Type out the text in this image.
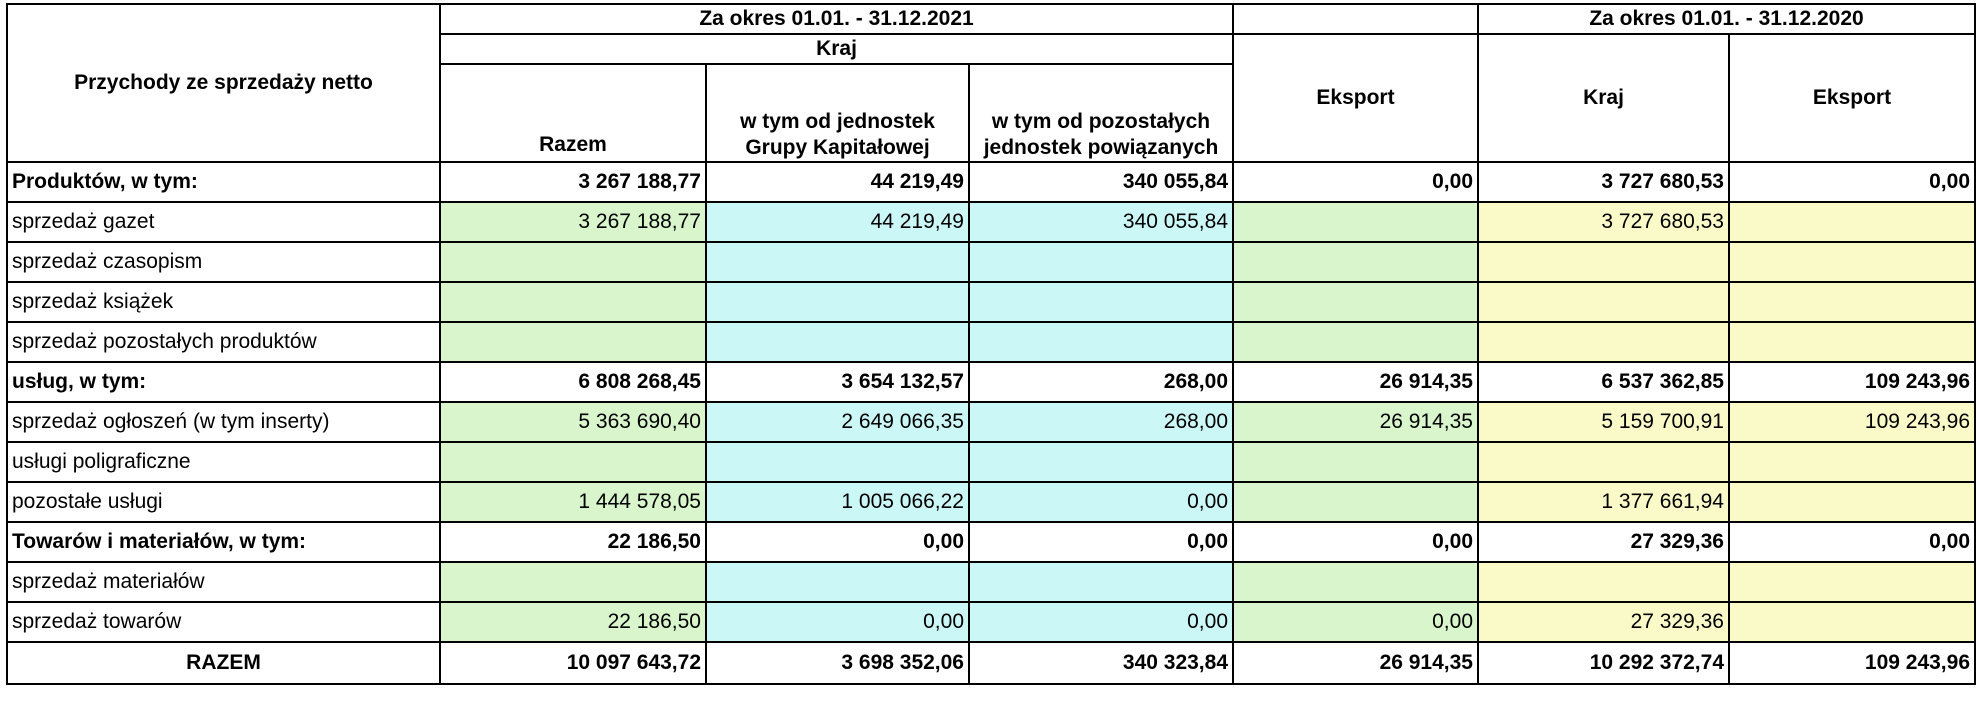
Przychody ze sprzedaży netto	Za okres 01.01. - 31.12.2021				Za okres 01.01. - 31.12.2020	
	Kraj			Eksport	Kraj	Eksport
	Razem	w tym od jednostek Grupy Kapitałowej	w tym od pozostałych jednostek powiązanych			
Produktów, w tym:	3 267 188,77	44 219,49	340 055,84	0,00	3 727 680,53	0,00
sprzedaż gazet	3 267 188,77	44 219,49	340 055,84		3 727 680,53	
sprzedaż czasopism						
sprzedaż książek						
sprzedaż pozostałych produktów						
usług, w tym:	6 808 268,45	3 654 132,57	268,00	26 914,35	6 537 362,85	109 243,96
sprzedaż ogłoszeń (w tym inserty)	5 363 690,40	2 649 066,35	268,00	26 914,35	5 159 700,91	109 243,96
usługi poligraficzne						
pozostałe usługi	1 444 578,05	1 005 066,22	0,00		1 377 661,94	
Towarów i materiałów, w tym:	22 186,50	0,00	0,00	0,00	27 329,36	0,00
sprzedaż materiałów						
sprzedaż towarów	22 186,50	0,00	0,00	0,00	27 329,36	
RAZEM	10 097 643,72	3 698 352,06	340 323,84	26 914,35	10 292 372,74	109 243,96
